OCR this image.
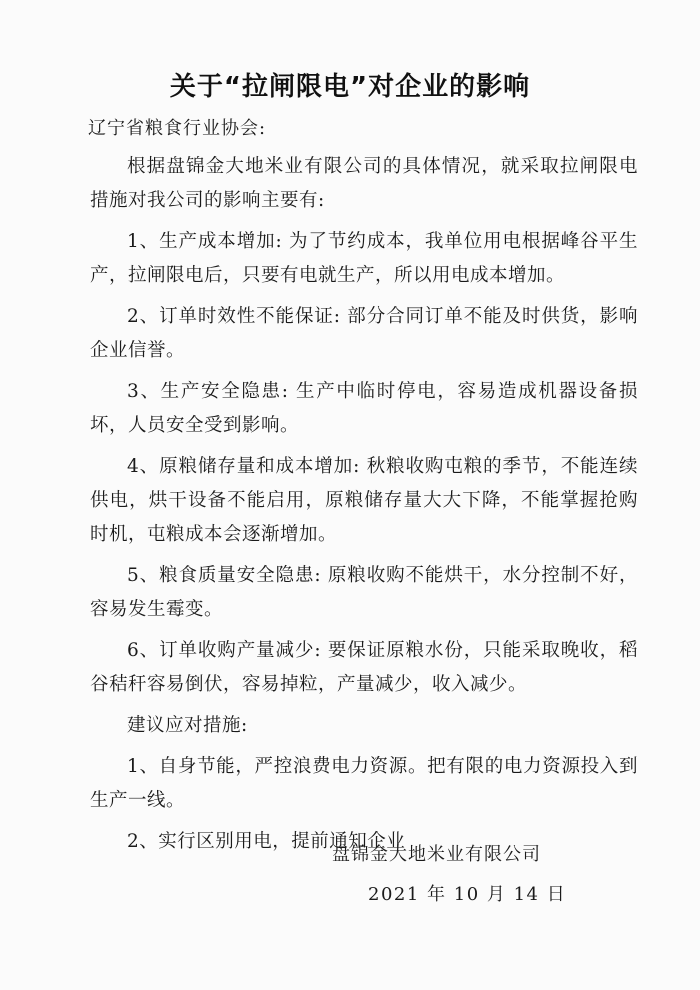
关于“拉闸限电”对企业的影响
辽宁省粮食行业协会:

根据盘锦金大地米业有限公司的具体情况，就采取拉闸限电措施对我公司的影响主要有:

1、生产成本增加: 为了节约成本，我单位用电根据峰谷平生产，拉闸限电后，只要有电就生产，所以用电成本增加。

2、订单时效性不能保证: 部分合同订单不能及时供货，影响企业信誉。

3、生产安全隐患: 生产中临时停电，容易造成机器设备损坏，人员安全受到影响。

4、原粮储存量和成本增加: 秋粮收购屯粮的季节，不能连续供电，烘干设备不能启用，原粮储存量大大下降，不能掌握抢购时机，屯粮成本会逐渐增加。

5、粮食质量安全隐患: 原粮收购不能烘干，水分控制不好，容易发生霉变。

6、订单收购产量减少: 要保证原粮水份，只能采取晚收，稻谷秸秆容易倒伏，容易掉粒，产量减少，收入减少。

建议应对措施:

1、自身节能，严控浪费电力资源。把有限的电力资源投入到生产一线。

2、实行区别用电，提前通知企业

盘锦金大地米业有限公司
2021 年 10 月 14 日
